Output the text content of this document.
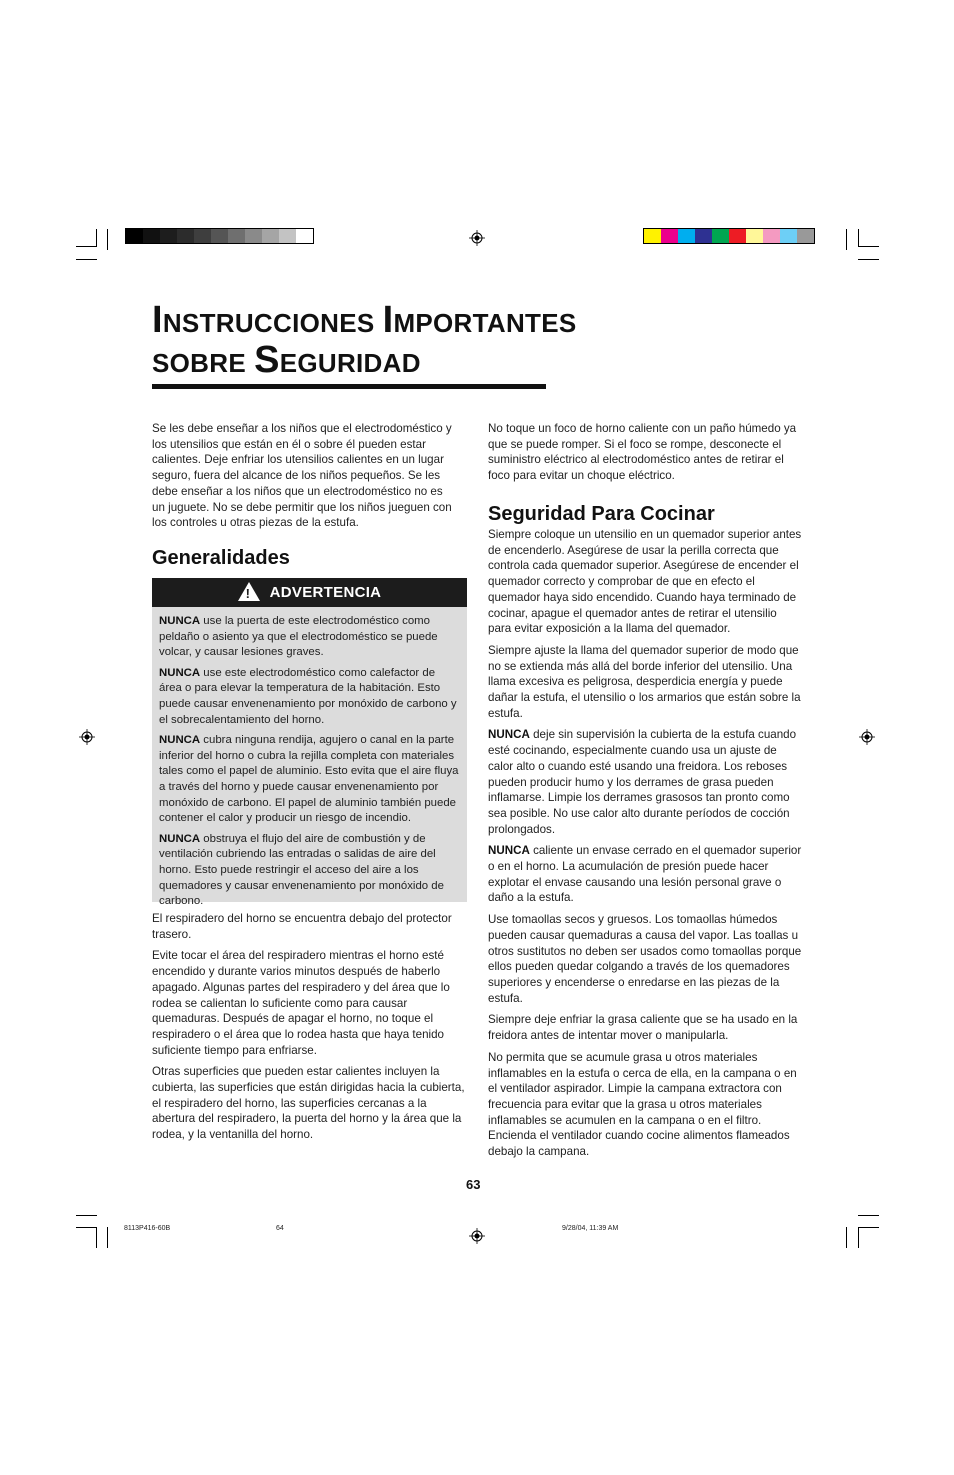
INSTRUCCIONES IMPORTANTES
SOBRE SEGURIDAD

Se les debe enseñar a los niños que el electrodoméstico y los utensilios que están en él o sobre él pueden estar calientes. Deje enfriar los utensilios calientes en un lugar seguro, fuera del alcance de los niños pequeños. Se les debe enseñar a los niños que un electrodoméstico no es un juguete. No se debe permitir que los niños jueguen con los controles u otras piezas de la estufa.

Generalidades
! ADVERTENCIA

NUNCA use la puerta de este electrodoméstico como peldaño o asiento ya que el electrodoméstico se puede volcar, y causar lesiones graves.

NUNCA use este electrodoméstico como calefactor de área o para elevar la temperatura de la habitación. Esto puede causar envenenamiento por monóxido de carbono y el sobrecalentamiento del horno.

NUNCA cubra ninguna rendija, agujero o canal en la parte inferior del horno o cubra la rejilla completa con materiales tales como el papel de aluminio. Esto evita que el aire fluya a través del horno y puede causar envenenamiento por monóxido de carbono. El papel de aluminio también puede contener el calor y producir un riesgo de incendio.

NUNCA obstruya el flujo del aire de combustión y de ventilación cubriendo las entradas o salidas de aire del horno. Esto puede restringir el acceso del aire a los quemadores y causar envenenamiento por monóxido de carbono.

El respiradero del horno se encuentra debajo del protector trasero.

Evite tocar el área del respiradero mientras el horno esté encendido y durante varios minutos después de haberlo apagado. Algunas partes del respiradero y del área que lo rodea se calientan lo suficiente como para causar quemaduras. Después de apagar el horno, no toque el respiradero o el área que lo rodea hasta que haya tenido suficiente tiempo para enfriarse.

Otras superficies que pueden estar calientes incluyen la cubierta, las superficies que están dirigidas hacia la cubierta, el respiradero del horno, las superficies cercanas a la abertura del respiradero, la puerta del horno y la área que la rodea, y la ventanilla del horno.

No toque un foco de horno caliente con un paño húmedo ya que se puede romper. Si el foco se rompe, desconecte el suministro eléctrico al electrodoméstico antes de retirar el foco para evitar un choque eléctrico.

Seguridad Para Cocinar

Siempre coloque un utensilio en un quemador superior antes de encenderlo. Asegúrese de usar la perilla correcta que controla cada quemador superior. Asegúrese de encender el quemador correcto y comprobar de que en efecto el quemador haya sido encendido. Cuando haya terminado de cocinar, apague el quemador antes de retirar el utensilio para evitar exposición a la llama del quemador.

Siempre ajuste la llama del quemador superior de modo que no se extienda más allá del borde inferior del utensilio. Una llama excesiva es peligrosa, desperdicia energía y puede dañar la estufa, el utensilio o los armarios que están sobre la estufa.

NUNCA deje sin supervisión la cubierta de la estufa cuando esté cocinando, especialmente cuando usa un ajuste de calor alto o cuando esté usando una freidora. Los reboses pueden producir humo y los derrames de grasa pueden inflamarse. Limpie los derrames grasosos tan pronto como sea posible. No use calor alto durante períodos de cocción prolongados.

NUNCA caliente un envase cerrado en el quemador superior o en el horno. La acumulación de presión puede hacer explotar el envase causando una lesión personal grave o daño a la estufa.

Use tomaollas secos y gruesos. Los tomaollas húmedos pueden causar quemaduras a causa del vapor. Las toallas u otros sustitutos no deben ser usados como tomaollas porque ellos pueden quedar colgando a través de los quemadores superiores y encenderse o enredarse en las piezas de la estufa.

Siempre deje enfriar la grasa caliente que se ha usado en la freidora antes de intentar mover o manipularla.

No permita que se acumule grasa u otros materiales inflamables en la estufa o cerca de ella, en la campana o en el ventilador aspirador. Limpie la campana extractora con frecuencia para evitar que la grasa u otros materiales inflamables se acumulen en la campana o en el filtro. Encienda el ventilador cuando cocine alimentos flameados debajo la campana.

63
8113P416-60B	64	9/28/04, 11:39 AM
